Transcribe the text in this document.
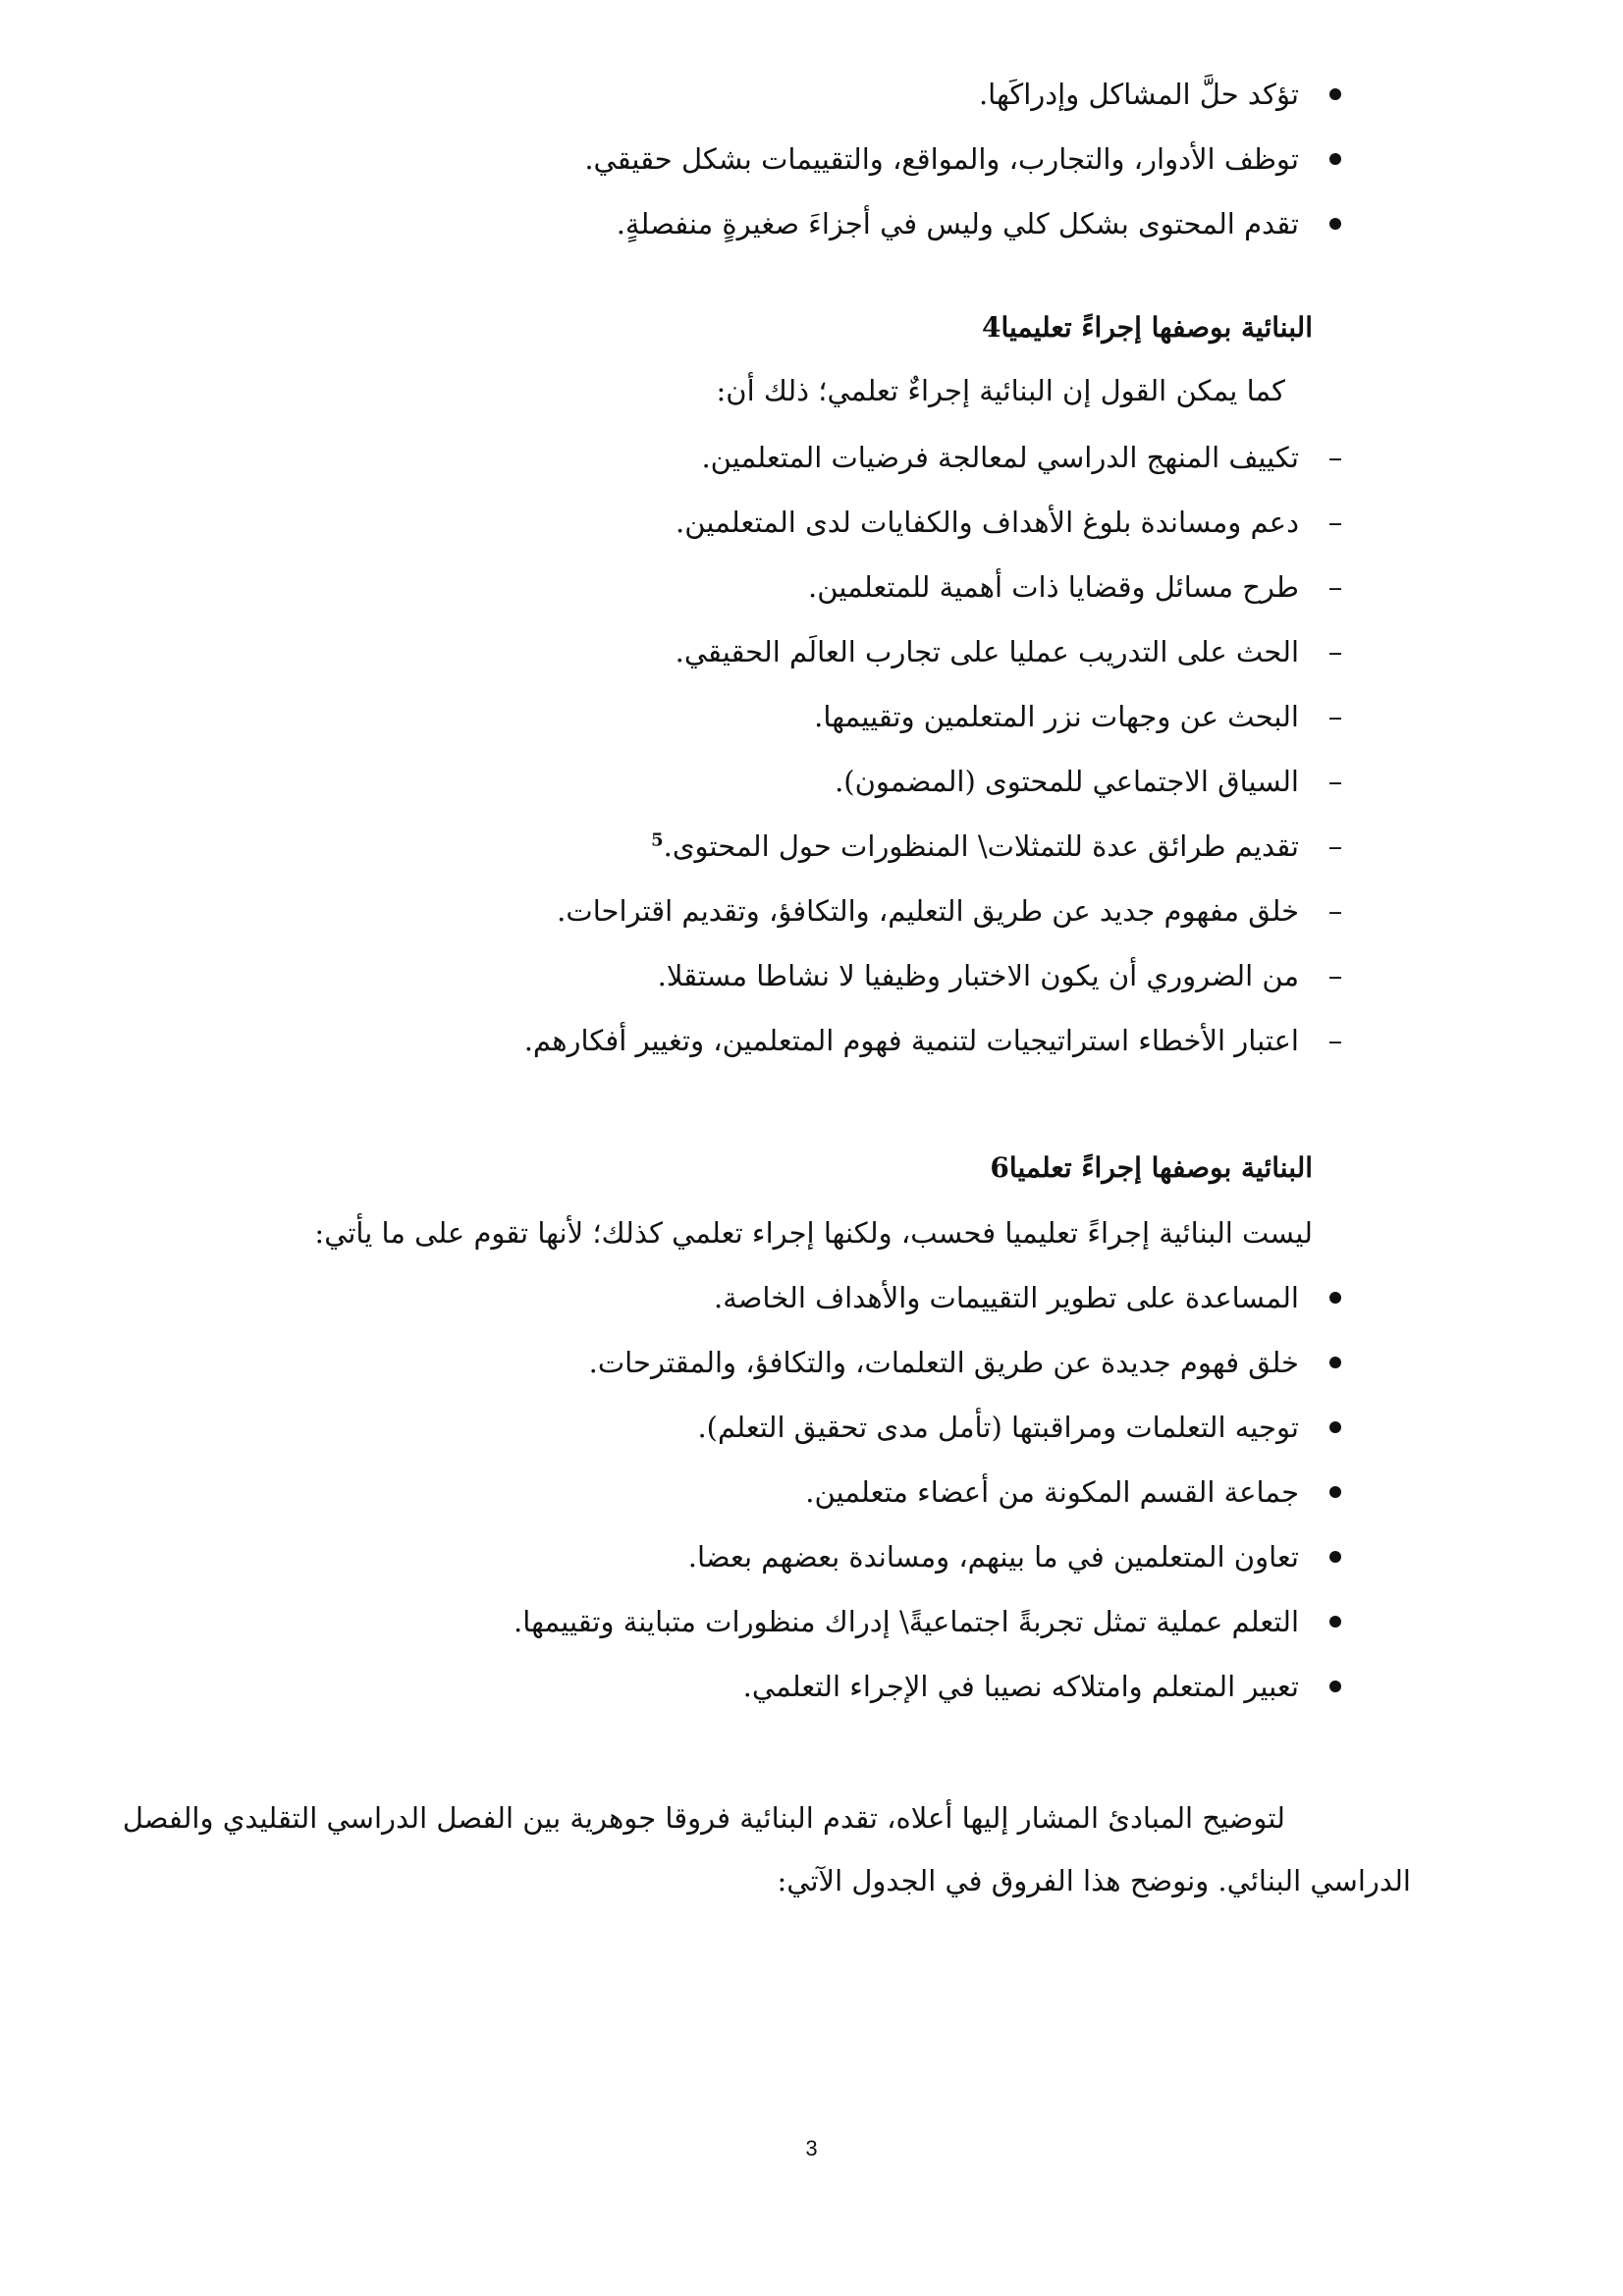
تؤكد حلَّ المشاكل وإدراكَها.
توظف الأدوار، والتجارب، والمواقع، والتقييمات بشكل حقيقي.
تقدم المحتوى بشكل كلي وليس في أجزاءَ صغيرةٍ منفصلةٍ.
البنائية بوصفها إجراءً تعليميا4
كما يمكن القول إن البنائية إجراءٌ تعلمي؛ ذلك أن:
–
تكييف المنهج الدراسي لمعالجة فرضيات المتعلمين.
–
دعم ومساندة بلوغ الأهداف والكفايات لدى المتعلمين.
–
طرح مسائل وقضايا ذات أهمية للمتعلمين.
–
الحث على التدريب عمليا على تجارب العالَم الحقيقي.
–
البحث عن وجهات نزر المتعلمين وتقييمها.
–
السياق الاجتماعي للمحتوى (المضمون).
–
تقديم طرائق عدة للتمثلات\ المنظورات حول المحتوى.$^5$
–
خلق مفهوم جديد عن طريق التعليم، والتكافؤ، وتقديم اقتراحات.
–
من الضروري أن يكون الاختبار وظيفيا لا نشاطا مستقلا.
–
اعتبار الأخطاء استراتيجيات لتنمية فهوم المتعلمين، وتغيير أفكارهم.
البنائية بوصفها إجراءً تعلميا6
ليست البنائية إجراءً تعليميا فحسب، ولكنها إجراء تعلمي كذلك؛ لأنها تقوم على ما يأتي:
المساعدة على تطوير التقييمات والأهداف الخاصة.
خلق فهوم جديدة عن طريق التعلمات، والتكافؤ، والمقترحات.
توجيه التعلمات ومراقبتها (تأمل مدى تحقيق التعلم).
جماعة القسم المكونة من أعضاء متعلمين.
تعاون المتعلمين في ما بينهم، ومساندة بعضهم بعضا.
التعلم عملية تمثل تجربةً اجتماعيةً\ إدراك منظورات متباينة وتقييمها.
تعبير المتعلم وامتلاكه نصيبا في الإجراء التعلمي.
لتوضيح المبادئ المشار إليها أعلاه، تقدم البنائية فروقا جوهرية بين الفصل الدراسي التقليدي والفصل
الدراسي البنائي. ونوضح هذا الفروق في الجدول الآتي:
3
